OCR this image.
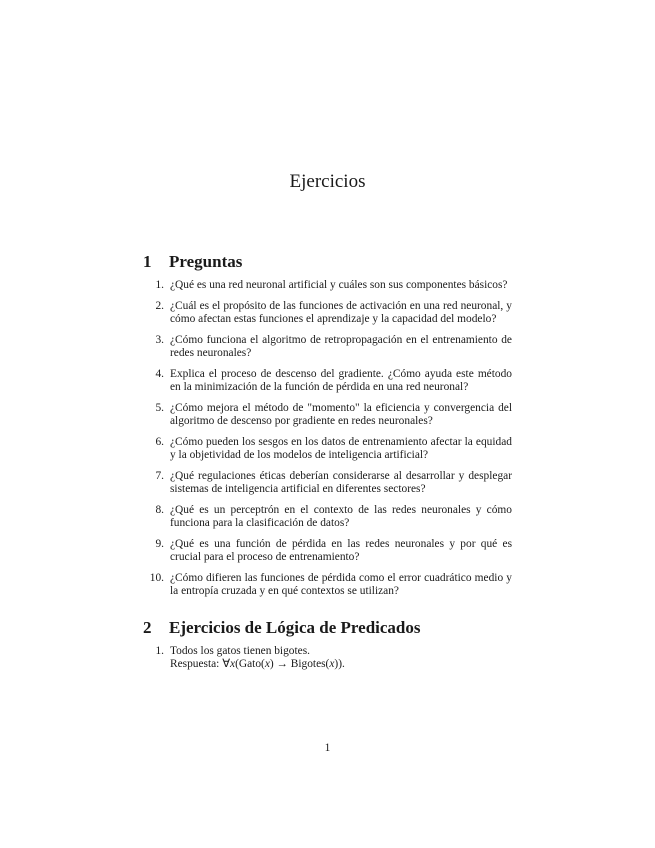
Ejercicios
1 Preguntas
1. ¿Qué es una red neuronal artificial y cuáles son sus componentes básicos?
2. ¿Cuál es el propósito de las funciones de activación en una red neuronal, y cómo afectan estas funciones el aprendizaje y la capacidad del modelo?
3. ¿Cómo funciona el algoritmo de retropropagación en el entrenamiento de redes neuronales?
4. Explica el proceso de descenso del gradiente. ¿Cómo ayuda este método en la minimización de la función de pérdida en una red neuronal?
5. ¿Cómo mejora el método de "momento" la eficiencia y convergencia del algoritmo de descenso por gradiente en redes neuronales?
6. ¿Cómo pueden los sesgos en los datos de entrenamiento afectar la equidad y la objetividad de los modelos de inteligencia artificial?
7. ¿Qué regulaciones éticas deberían considerarse al desarrollar y desplegar sistemas de inteligencia artificial en diferentes sectores?
8. ¿Qué es un perceptrón en el contexto de las redes neuronales y cómo funciona para la clasificación de datos?
9. ¿Qué es una función de pérdida en las redes neuronales y por qué es crucial para el proceso de entrenamiento?
10. ¿Cómo difieren las funciones de pérdida como el error cuadrático medio y la entropía cruzada y en qué contextos se utilizan?
2 Ejercicios de Lógica de Predicados
1. Todos los gatos tienen bigotes.
Respuesta: ∀x(Gato(x) → Bigotes(x)).

1
